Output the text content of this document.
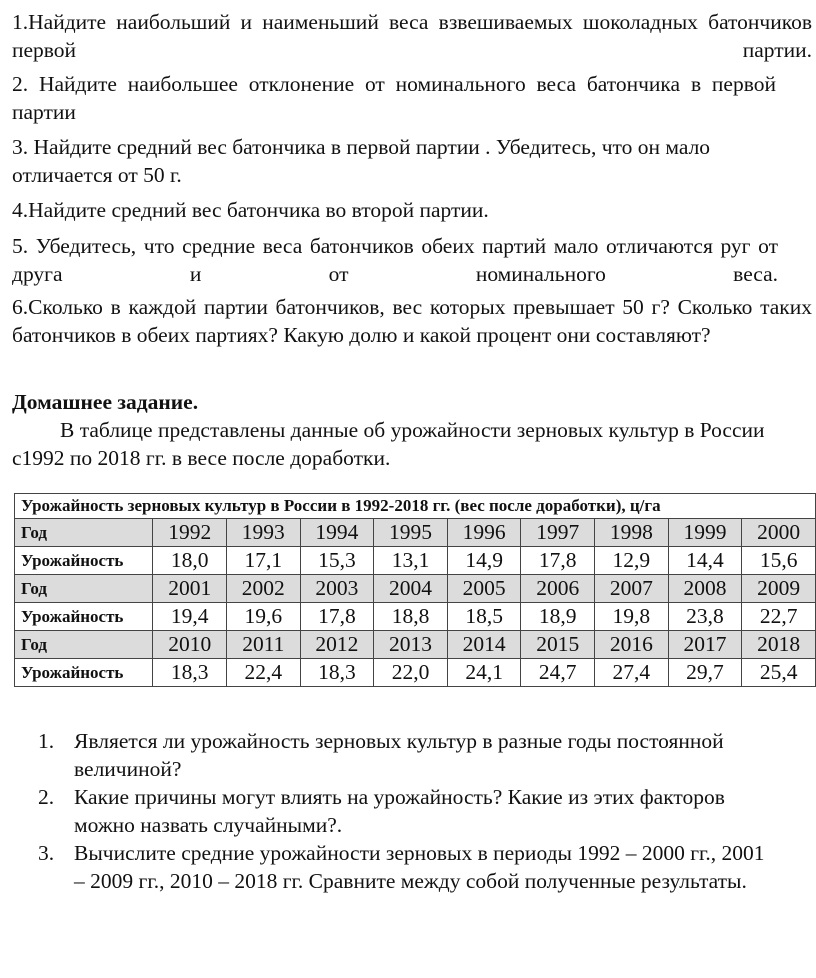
1.Найдите наибольший и наименьший веса взвешиваемых шоколадных батончиков первой партии.

2. Найдите наибольшее отклонение от номинального веса батончика в первой партии

3. Найдите средний вес батончика в первой партии . Убедитесь, что он мало отличается от 50 г.

4.Найдите средний вес батончика во второй партии.

5. Убедитесь, что средние веса батончиков обеих партий мало отличаются руг от друга и от номинального веса.

6.Сколько в каждой партии батончиков, вес которых превышает 50 г? Сколько таких батончиков в обеих партиях? Какую долю и какой процент они составляют?

Домашнее задание.

В таблице представлены данные об урожайности зерновых культур в России с1992 по 2018 гг. в весе после доработки.

Урожайность зерновых культур в России в 1992-2018 гг. (вес после доработки), ц/га									
Год	1992	1993	1994	1995	1996	1997	1998	1999	2000
Урожайность	18,0	17,1	15,3	13,1	14,9	17,8	12,9	14,4	15,6
Год	2001	2002	2003	2004	2005	2006	2007	2008	2009
Урожайность	19,4	19,6	17,8	18,8	18,5	18,9	19,8	23,8	22,7
Год	2010	2011	2012	2013	2014	2015	2016	2017	2018
Урожайность	18,3	22,4	18,3	22,0	24,1	24,7	27,4	29,7	25,4
1. Является ли урожайность зерновых культур в разные годы постоянной величиной?
2. Какие причины могут влиять на урожайность? Какие из этих факторов можно назвать случайными?.
3. Вычислите средние урожайности зерновых в периоды 1992 – 2000 гг., 2001 – 2009 гг., 2010 – 2018 гг. Сравните между собой полученные результаты.
